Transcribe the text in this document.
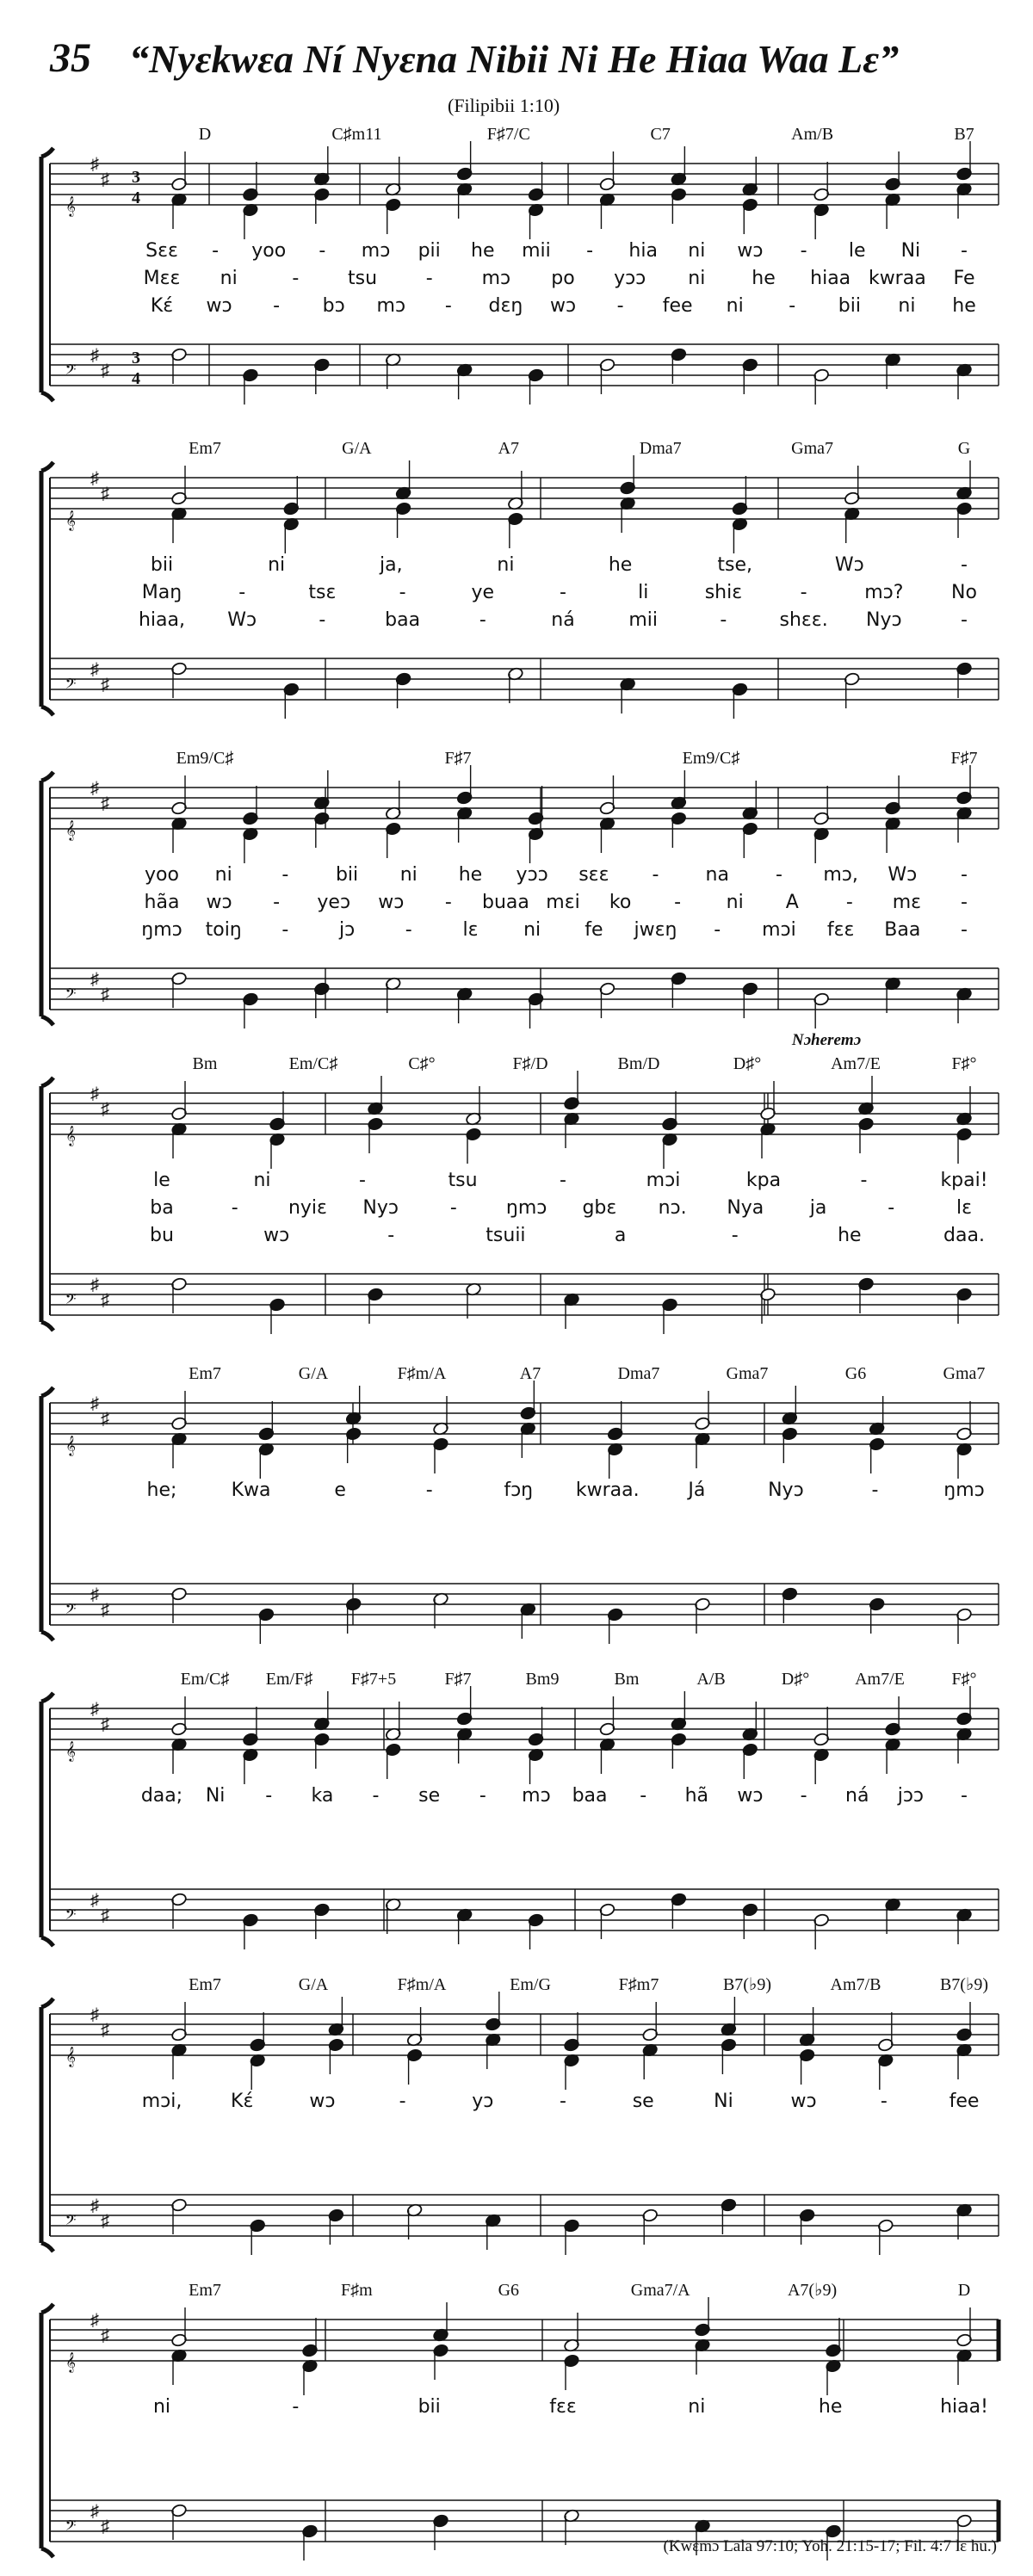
35 “Nyɛkwɛa Ní Nyɛna Nibii Ni He Hiaa Waa Lɛ”
(Filipibii 1:10)
𝄞
𝄢
♯
♯
♯
♯
3
4
3
4
D	C♯m11	F♯7/C	C7	Am/B	B7
Sɛɛ - yoo - mɔ pii he mii - hia ni wɔ - le Ni -
Mɛɛ ni	-	tsu	-	mɔ po yɔɔ ni he hiaa kwraa Fe
Kɛ́ wɔ - bɔ mɔ - dɛŋ wɔ - fee ni - bii ni he
𝄞
𝄢
♯
♯
♯
♯
Em7	G/A	A7	Dma7	Gma7	G
bii	ni	ja,	ni	he	tse,	Wɔ	-
Maŋ	-	tsɛ	-	ye	-	li	shiɛ	-	mɔ?	No
hiaa, Wɔ	-	baa	-	ná	mii	-	shɛɛ. Nyɔ	-
𝄞
𝄢
♯
♯
♯
♯
Em9/C♯	F♯7	Em9/C♯	F♯7
yoo ni	- bii ni he yɔɔ sɛɛ - na - mɔ, Wɔ -
hãa wɔ - yeɔ wɔ - buaa mɛi ko - ni A	- mɛ -
ŋmɔ toiŋ -	jɔ	-	lɛ ni fe jwɛŋ - mɔi fɛɛ Baa -
𝄞
𝄢
♯
♯
♯
♯
Bm	Em/C♯	C♯°	F♯/D	Bm/D	D♯°	Am7/E	F♯°
Nɔheremɔ
le	ni	-	tsu	-	mɔi	kpa	-	kpai!
ba	-	nyiɛ Nyɔ	-	ŋmɔ gbɛ nɔ. Nya ja	-	lɛ
bu	wɔ	-	tsuii	a	-	he	daa.
𝄞
𝄢
♯
♯
♯
♯
Em7	G/A	F♯m/A	A7	Dma7	Gma7	G6	Gma7
he;	Kwa	e	-	fɔŋ kwraa.	Já	Nyɔ	-	ŋmɔ
𝄞
𝄢
♯
♯
♯
♯
Em/C♯ Em/F♯ F♯7+5	F♯7	Bm9	Bm	A/B	D♯°	Am7/E	F♯°
daa; Ni - ka - se - mɔ baa - hã wɔ - ná jɔɔ -
𝄞
𝄢
♯
♯
♯
♯
Em7	G/A	F♯m/A	Em/G	F♯m7	B7(♭9)	Am7/B	B7(♭9)
mɔi,	Kɛ́	wɔ	-	yɔ	-	se	Ni	wɔ	-	fee
𝄞
𝄢
♯
♯
♯
♯
Em7	F♯m	G6	Gma7/A	A7(♭9)	D
ni	-	bii	fɛɛ	ni	he	hiaa!
(Kwɛmɔ Lala 97:10; Yoh. 21:15-17; Fil. 4:7 lɛ hu.)
